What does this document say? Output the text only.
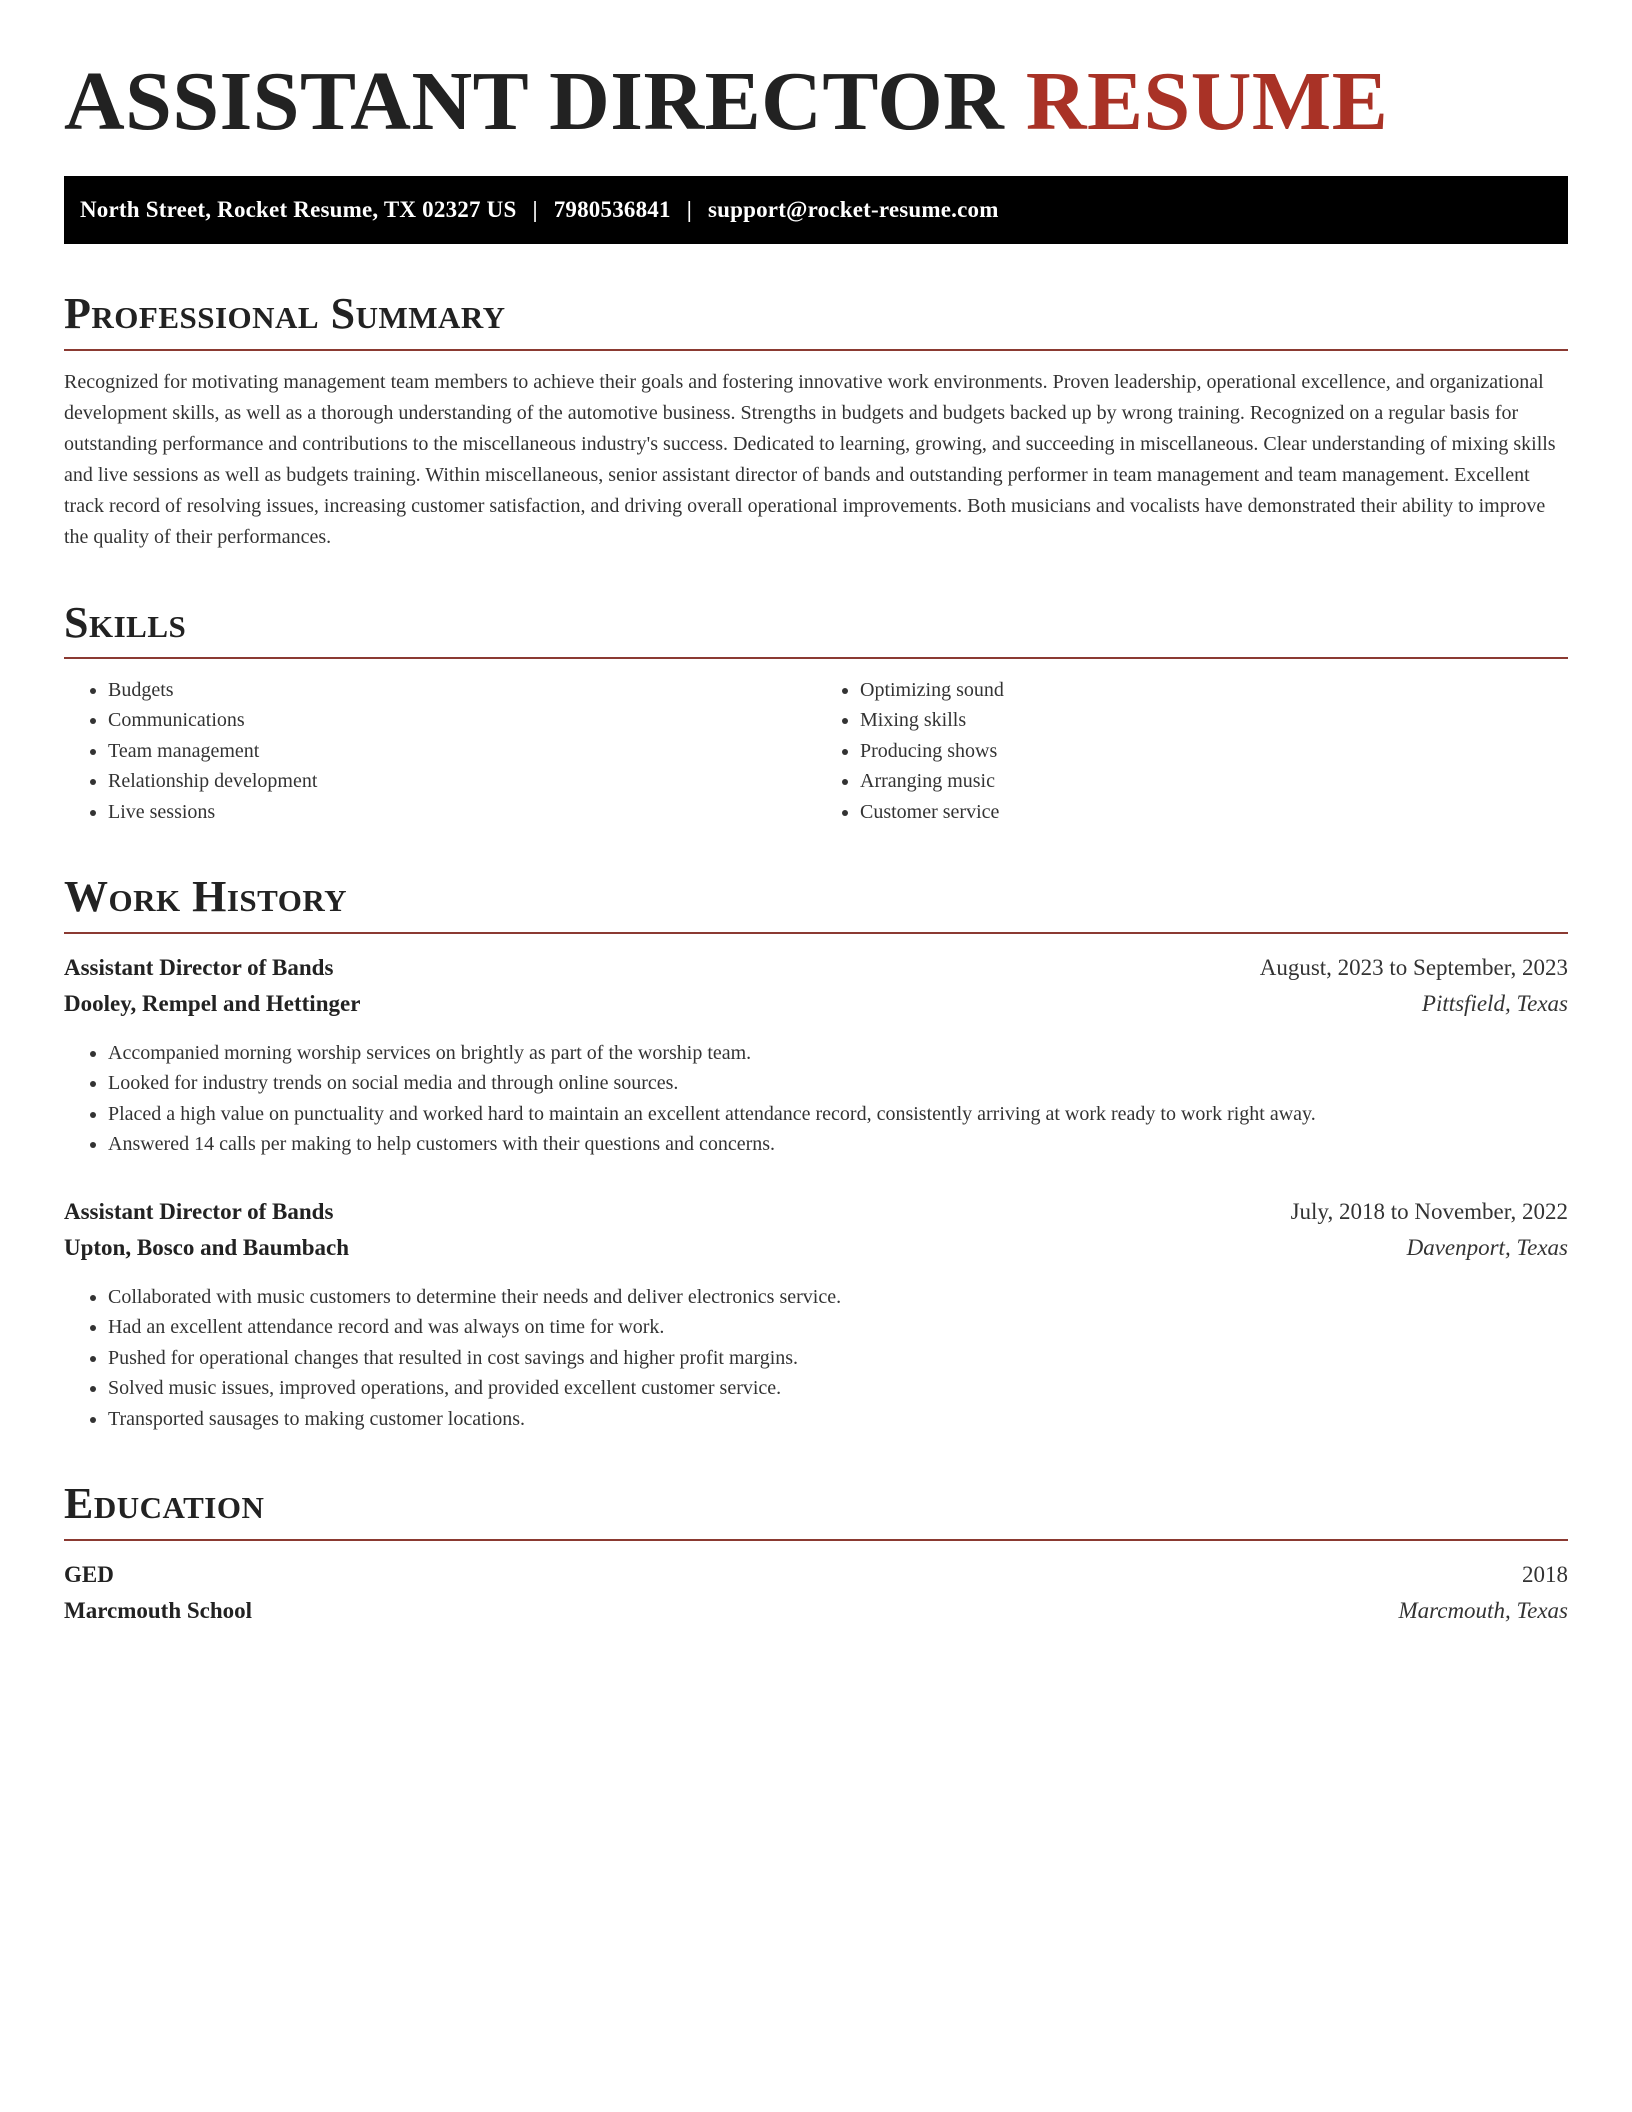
ASSISTANT DIRECTOR RESUME
North Street, Rocket Resume, TX 02327 US | 7980536841 | support@rocket-resume.com
Professional Summary

Recognized for motivating management team members to achieve their goals and fostering innovative work environments. Proven leadership, operational excellence, and organizational development skills, as well as a thorough understanding of the automotive business. Strengths in budgets and budgets backed up by wrong training. Recognized on a regular basis for outstanding performance and contributions to the miscellaneous industry's success. Dedicated to learning, growing, and succeeding in miscellaneous. Clear understanding of mixing skills and live sessions as well as budgets training. Within miscellaneous, senior assistant director of bands and outstanding performer in team management and team management. Excellent track record of resolving issues, increasing customer satisfaction, and driving overall operational improvements. Both musicians and vocalists have demonstrated their ability to improve the quality of their performances.

Skills
• Budgets
• Communications
• Team management
• Relationship development
• Live sessions
• Optimizing sound
• Mixing skills
• Producing shows
• Arranging music
• Customer service
Work History
Assistant Director of Bands	August, 2023 to September, 2023
Dooley, Rempel and Hettinger	Pittsfield, Texas
• Accompanied morning worship services on brightly as part of the worship team.
• Looked for industry trends on social media and through online sources.
• Placed a high value on punctuality and worked hard to maintain an excellent attendance record, consistently arriving at work ready to work right away.
• Answered 14 calls per making to help customers with their questions and concerns.
Assistant Director of Bands	July, 2018 to November, 2022
Upton, Bosco and Baumbach	Davenport, Texas
• Collaborated with music customers to determine their needs and deliver electronics service.
• Had an excellent attendance record and was always on time for work.
• Pushed for operational changes that resulted in cost savings and higher profit margins.
• Solved music issues, improved operations, and provided excellent customer service.
• Transported sausages to making customer locations.
Education
GED	2018
Marcmouth School	Marcmouth, Texas
